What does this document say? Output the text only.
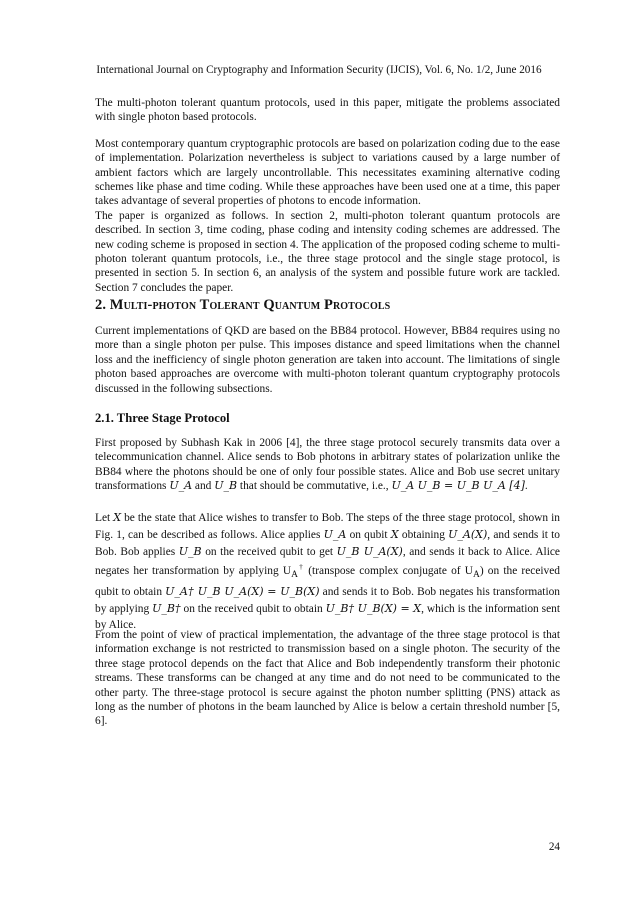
International Journal on Cryptography and Information Security (IJCIS), Vol. 6, No. 1/2, June 2016

The multi-photon tolerant quantum protocols, used in this paper, mitigate the problems associated with single photon based protocols.

Most contemporary quantum cryptographic protocols are based on polarization coding due to the ease of implementation. Polarization nevertheless is subject to variations caused by a large number of ambient factors which are largely uncontrollable. This necessitates examining alternative coding schemes like phase and time coding. While these approaches have been used one at a time, this paper takes advantage of several properties of photons to encode information.

The paper is organized as follows. In section 2, multi-photon tolerant quantum protocols are described. In section 3, time coding, phase coding and intensity coding schemes are addressed. The new coding scheme is proposed in section 4. The application of the proposed coding scheme to multi-photon tolerant quantum protocols, i.e., the three stage protocol and the single stage protocol, is presented in section 5. In section 6, an analysis of the system and possible future work are tackled. Section 7 concludes the paper.

2. Multi-photon Tolerant Quantum Protocols

Current implementations of QKD are based on the BB84 protocol. However, BB84 requires using no more than a single photon per pulse. This imposes distance and speed limitations when the channel loss and the inefficiency of single photon generation are taken into account. The limitations of single photon based approaches are overcome with multi-photon tolerant quantum cryptography protocols discussed in the following subsections.

2.1. Three Stage Protocol

First proposed by Subhash Kak in 2006 [4], the three stage protocol securely transmits data over a telecommunication channel. Alice sends to Bob photons in arbitrary states of polarization unlike the BB84 where the photons should be one of only four possible states. Alice and Bob use secret unitary transformations U_A and U_B that should be commutative, i.e., U_A U_B = U_B U_A [4].

Let X be the state that Alice wishes to transfer to Bob. The steps of the three stage protocol, shown in Fig. 1, can be described as follows. Alice applies U_A on qubit X obtaining U_A(X), and sends it to Bob. Bob applies U_B on the received qubit to get U_B U_A(X), and sends it back to Alice. Alice negates her transformation by applying $U_A^\dagger$ (transpose complex conjugate of $U_A$) on the received qubit to obtain U_A† U_B U_A(X) = U_B(X) and sends it to Bob. Bob negates his transformation by applying U_B† on the received qubit to obtain U_B† U_B(X) = X, which is the information sent by Alice.

From the point of view of practical implementation, the advantage of the three stage protocol is that information exchange is not restricted to transmission based on a single photon. The security of the three stage protocol depends on the fact that Alice and Bob independently transform their photonic streams. These transforms can be changed at any time and do not need to be communicated to the other party. The three-stage protocol is secure against the photon number splitting (PNS) attack as long as the number of photons in the beam launched by Alice is below a certain threshold number [5, 6].

24
